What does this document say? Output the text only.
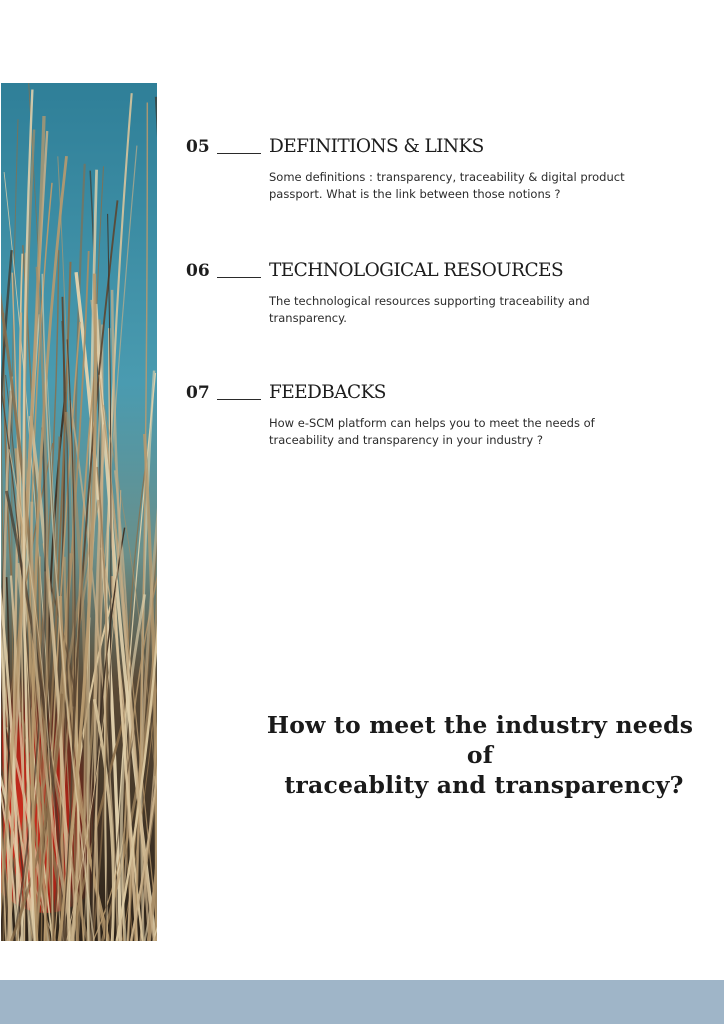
05	DEFINITIONS & LINKS
Some definitions : transparency, traceability & digital product passport. What is the link between those notions ?
06	TECHNOLOGICAL RESOURCES
The technological resources supporting traceability and transparency.
07	FEEDBACKS
How e-SCM platform can helps you to meet the needs of traceability and transparency in your industry ?
How to meet the industry needs of
traceablity and transparency?
